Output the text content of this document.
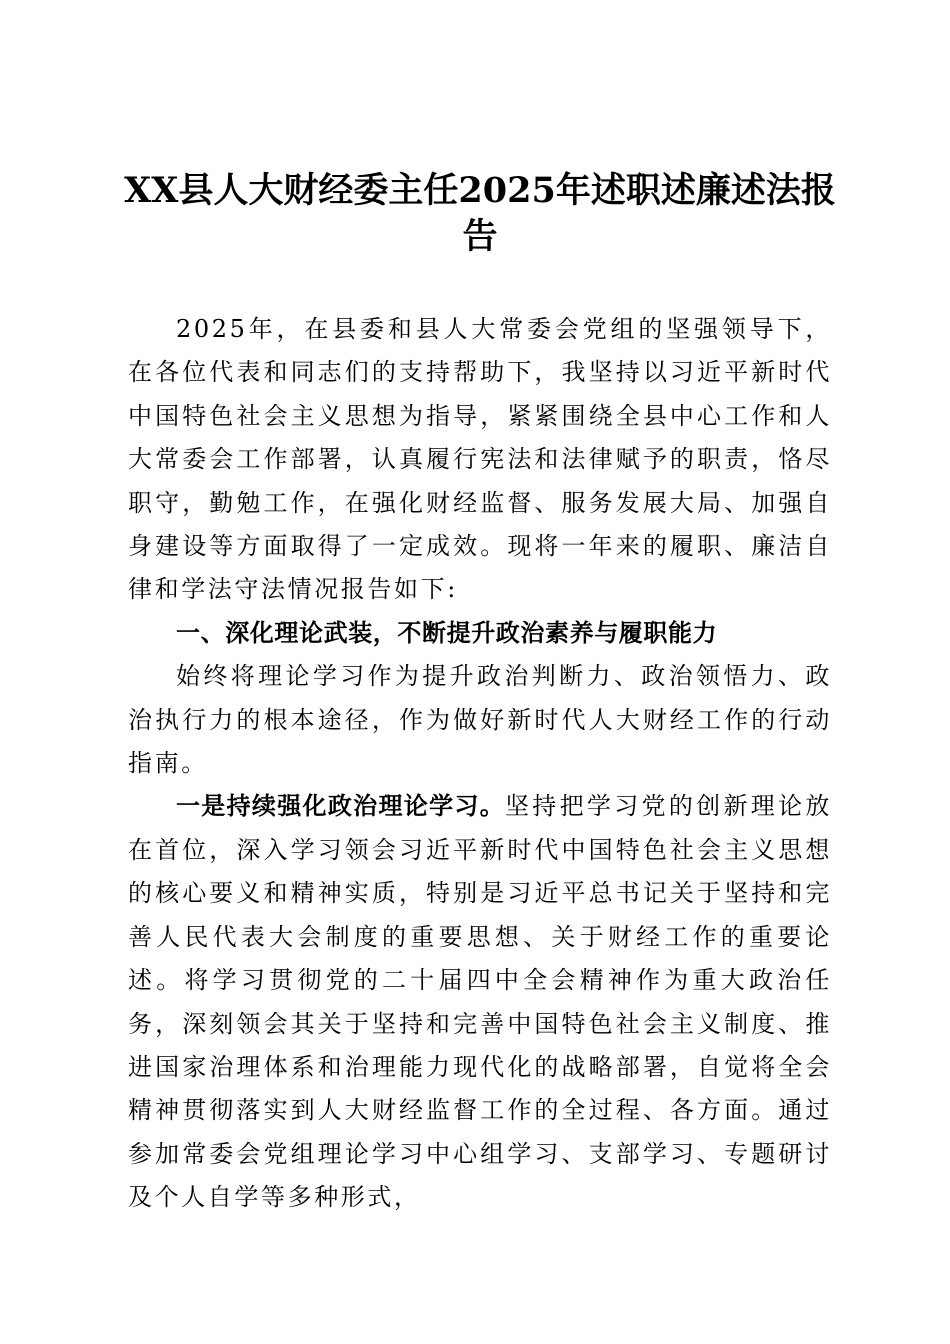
XX县人大财经委主任2025年述职述廉述法报告

2025年，在县委和县人大常委会党组的坚强领导下，在各位代表和同志们的支持帮助下，我坚持以习近平新时代中国特色社会主义思想为指导，紧紧围绕全县中心工作和人大常委会工作部署，认真履行宪法和法律赋予的职责，恪尽职守，勤勉工作，在强化财经监督、服务发展大局、加强自身建设等方面取得了一定成效。现将一年来的履职、廉洁自律和学法守法情况报告如下:

一、深化理论武装，不断提升政治素养与履职能力

始终将理论学习作为提升政治判断力、政治领悟力、政治执行力的根本途径，作为做好新时代人大财经工作的行动指南。

一是持续强化政治理论学习。坚持把学习党的创新理论放在首位，深入学习领会习近平新时代中国特色社会主义思想的核心要义和精神实质，特别是习近平总书记关于坚持和完善人民代表大会制度的重要思想、关于财经工作的重要论述。将学习贯彻党的二十届四中全会精神作为重大政治任务，深刻领会其关于坚持和完善中国特色社会主义制度、推进国家治理体系和治理能力现代化的战略部署，自觉将全会精神贯彻落实到人大财经监督工作的全过程、各方面。通过参加常委会党组理论学习中心组学习、支部学习、专题研讨及个人自学等多种形式，
